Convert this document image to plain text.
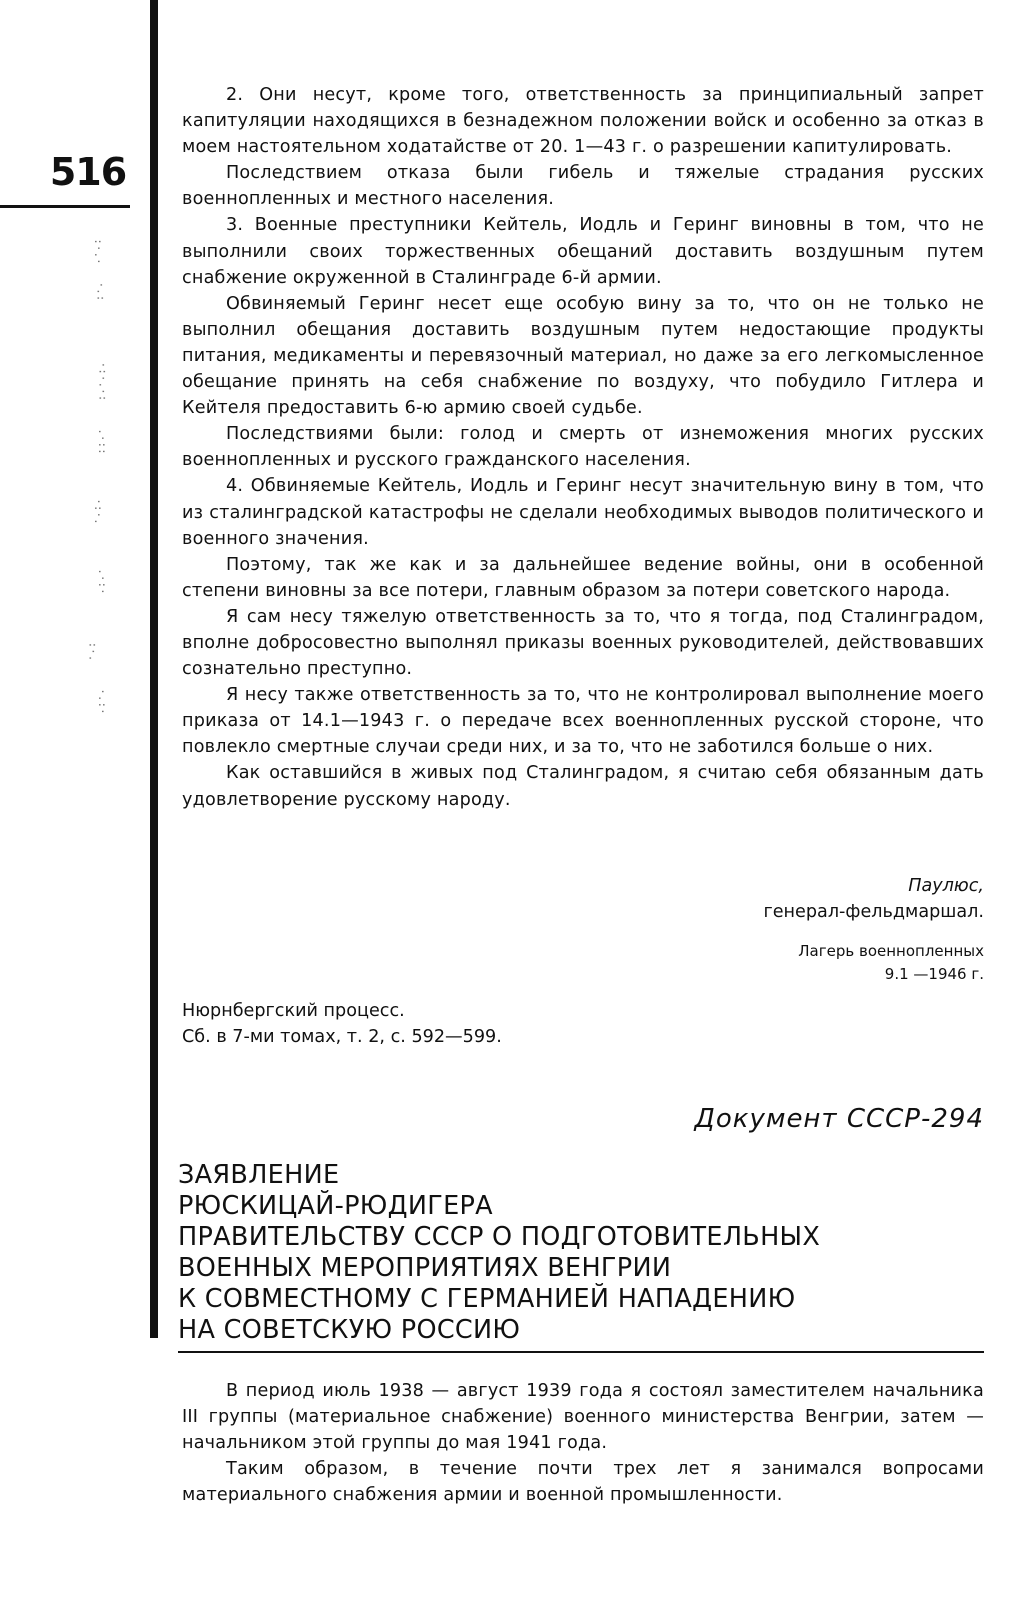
516
:·.·
·.:
·:·.·:
.·::
·:·.
.·:·
:·.
·.:·

2. Они несут, кроме того, ответственность за принципиальный запрет капитуляции находящихся в безнадежном положении войск и особенно за отказ в моем настоятельном ходатайстве от 20. 1—43 г. о разрешении капитулировать.

Последствием отказа были гибель и тяжелые страдания русских военнопленных и местного населения.

3. Военные преступники Кейтель, Иодль и Геринг виновны в том, что не выполнили своих торжественных обещаний доставить воздушным путем снабжение окруженной в Сталинграде 6-й армии.

Обвиняемый Геринг несет еще особую вину за то, что он не только не выполнил обещания доставить воздушным путем недостающие продукты питания, медикаменты и перевязочный материал, но даже за его легкомысленное обещание принять на себя снабжение по воздуху, что побудило Гитлера и Кейтеля предоставить 6-ю армию своей судьбе.

Последствиями были: голод и смерть от изнеможения многих русских военнопленных и русского гражданского населения.

4. Обвиняемые Кейтель, Иодль и Геринг несут значительную вину в том, что из сталинградской катастрофы не сделали необходимых выводов политического и военного значения.

Поэтому, так же как и за дальнейшее ведение войны, они в особенной степени виновны за все потери, главным образом за потери советского народа.

Я сам несу тяжелую ответственность за то, что я тогда, под Сталинградом, вполне добросовестно выполнял приказы военных руководителей, действовавших сознательно преступно.

Я несу также ответственность за то, что не контролировал выполнение моего приказа от 14.1—1943 г. о передаче всех военнопленных русской стороне, что повлекло смертные случаи среди них, и за то, что не заботился больше о них.

Как оставшийся в живых под Сталинградом, я считаю себя обязанным дать удовлетворение русскому народу.

Паулюс,
генерал-фельдмаршал.
Лагерь военнопленных
9.1 —1946 г.
Нюрнбергский процесс.
Сб. в 7-ми томах, т. 2, с. 592—599.
Документ СССР-294
ЗАЯВЛЕНИЕ
РЮСКИЦАЙ-РЮДИГЕРА
ПРАВИТЕЛЬСТВУ СССР О ПОДГОТОВИТЕЛЬНЫХ
ВОЕННЫХ МЕРОПРИЯТИЯХ ВЕНГРИИ
К СОВМЕСТНОМУ С ГЕРМАНИЕЙ НАПАДЕНИЮ
НА СОВЕТСКУЮ РОССИЮ

В период июль 1938 — август 1939 года я состоял заместителем начальника III группы (материальное снабжение) военного министерства Венгрии, затем — начальником этой группы до мая 1941 года.

Таким образом, в течение почти трех лет я занимался вопросами материального снабжения армии и военной промышленности.
